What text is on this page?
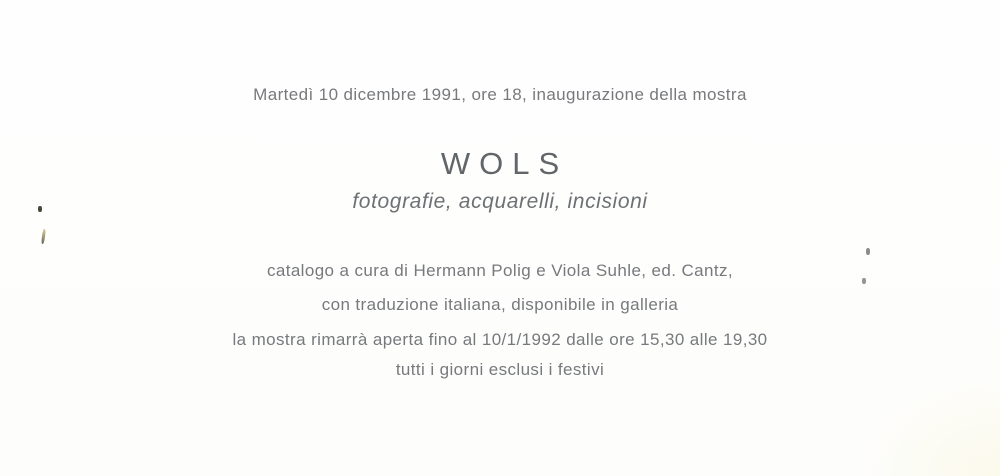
Martedì 10 dicembre 1991, ore 18, inaugurazione della mostra
WOLS
fotografie, acquarelli, incisioni
catalogo a cura di Hermann Polig e Viola Suhle, ed. Cantz,
con traduzione italiana, disponibile in galleria
la mostra rimarrà aperta fino al 10/1/1992 dalle ore 15,30 alle 19,30
tutti i giorni esclusi i festivi
